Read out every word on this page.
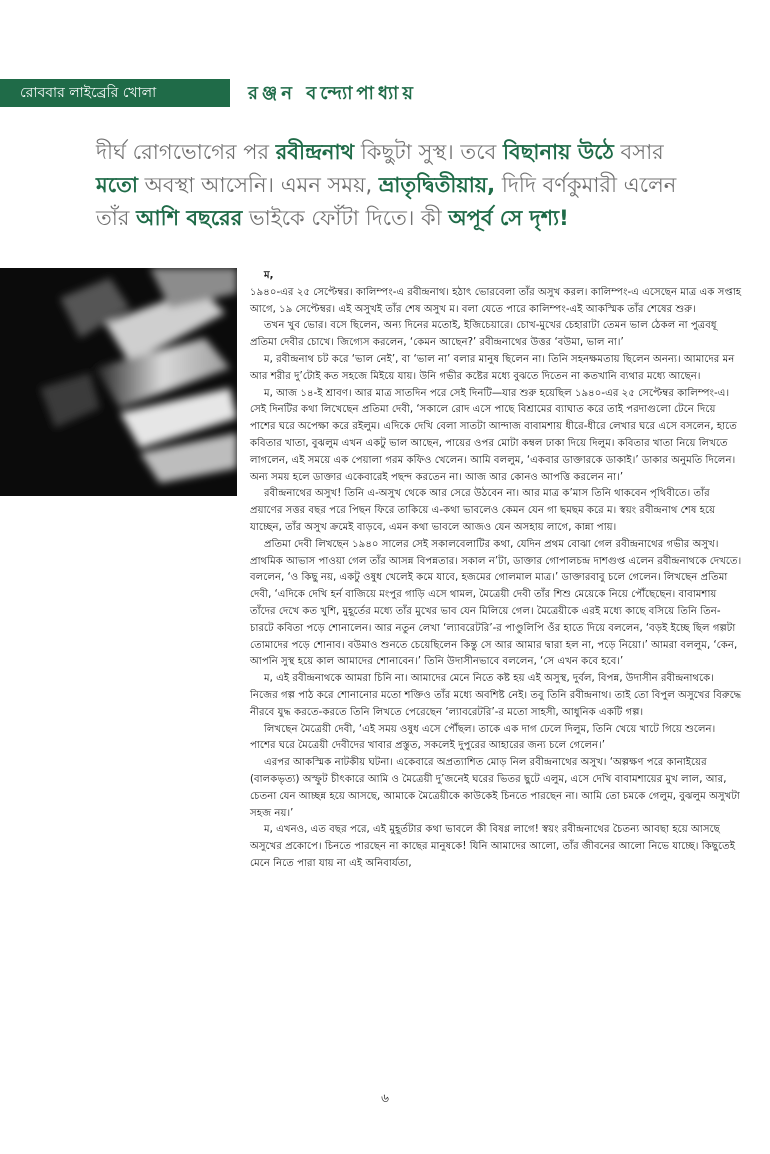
রোববার লাইব্রেরি খোলা	রঞ্জন বন্দ্যোপাধ্যায়
দীর্ঘ রোগভোগের পর রবীন্দ্রনাথ কিছুটা সুস্থ। তবে বিছানায় উঠে বসার মতো অবস্থা আসেনি। এমন সময়, ভ্রাতৃদ্বিতীয়ায়, দিদি বর্ণকুমারী এলেন তাঁর আশি বছরের ভাইকে ফোঁটা দিতে। কী অপূর্ব সে দৃশ্য!

ম,

১৯৪০-এর ২৫ সেপ্টেম্বর। কালিম্পং-এ রবীন্দ্রনাথ। হঠাৎ ভোরবেলা তাঁর অসুখ করল। কালিম্পং-এ এসেছেন মাত্র এক সপ্তাহ আগে, ১৯ সেপ্টেম্বর। এই অসুখই তাঁর শেষ অসুখ ম। বলা যেতে পারে কালিম্পং-এই আকস্মিক তাঁর শেষের শুরু।

তখন খুব ভোর। বসে ছিলেন, অন্য দিনের মতোই, ইজিচেয়ারে। চোখ-মুখের চেহারাটা তেমন ভাল ঠেকল না পুত্রবধূ প্রতিমা দেবীর চোখে। জিগ্যেস করলেন, ‘কেমন আছেন?’ রবীন্দ্রনাথের উত্তর ‘বউমা, ভাল না।’

ম, রবীন্দ্রনাথ চট করে ‘ভাল নেই’, বা ‘ভাল না’ বলার মানুষ ছিলেন না। তিনি সহনক্ষমতায় ছিলেন অনন্য। আমাদের মন আর শরীর দু’টোই কত সহজে মিইয়ে যায়। উনি গভীর কষ্টের মধ্যে বুঝতে দিতেন না কতখানি ব্যথার মধ্যে আছেন।

ম, আজ ১৪-ই শ্রাবণ। আর মাত্র সাতদিন পরে সেই দিনটি—যার শুরু হয়েছিল ১৯৪০-এর ২৫ সেপ্টেম্বর কালিম্পং-এ। সেই দিনটির কথা লিখেছেন প্রতিমা দেবী, ‘সকালে রোদ এসে পাছে বিশ্রামের ব্যাঘাত করে তাই পরদাগুলো টেনে দিয়ে পাশের ঘরে অপেক্ষা করে রইলুম। এদিকে দেখি বেলা সাতটা আন্দাজ বাবামশায় ধীরে-ধীরে লেখার ঘরে এসে বসলেন, হাতে কবিতার খাতা, বুঝলুম এখন একটু ভাল আছেন, পায়ের ওপর মোটা কম্বল ঢাকা দিয়ে দিলুম। কবিতার খাতা নিয়ে লিখতে লাগলেন, এই সময়ে এক পেয়ালা গরম কফিও খেলেন। আমি বললুম, ‘একবার ডাক্তারকে ডাকাই।’ ডাকার অনুমতি দিলেন। অন্য সময় হলে ডাক্তার একেবারেই পছন্দ করতেন না। আজ আর কোনও আপত্তি করলেন না।’

রবীন্দ্রনাথের অসুখ! তিনি এ-অসুখ থেকে আর সেরে উঠবেন না। আর মাত্র ক’মাস তিনি থাকবেন পৃথিবীতে। তাঁর প্রয়াণের সত্তর বছর পরে পিছন ফিরে তাকিয়ে এ-কথা ভাবলেও কেমন যেন গা ছমছম করে ম। স্বয়ং রবীন্দ্রনাথ শেষ হয়ে যাচ্ছেন, তাঁর অসুখ ক্রমেই বাড়বে, এমন কথা ভাবলে আজও যেন অসহায় লাগে, কান্না পায়।

প্রতিমা দেবী লিখছেন ১৯৪০ সালের সেই সকালবেলাটির কথা, যেদিন প্রথম বোঝা গেল রবীন্দ্রনাথের গভীর অসুখ। প্রাথমিক আভাস পাওয়া গেল তাঁর আসন্ন বিপন্নতার। সকাল ন’টা, ডাক্তার গোপালচন্দ্র দাশগুপ্ত এলেন রবীন্দ্রনাথকে দেখতে। বললেন, ‘ও কিছু নয়, একটু ওষুধ খেলেই কমে যাবে, হজমের গোলমাল মাত্র।’ ডাক্তারবাবু চলে গেলেন। লিখছেন প্রতিমা দেবী, ‘এদিকে দেখি হর্ন বাজিয়ে মংপুর গাড়ি এসে থামল, মৈত্রেয়ী দেবী তাঁর শিশু মেয়েকে নিয়ে পৌঁছেছেন। বাবামশায় তাঁদের দেখে কত খুশি, মুহূর্তের মধ্যে তাঁর মুখের ভাব যেন মিলিয়ে গেল। মৈত্রেয়ীকে এরই মধ্যে কাছে বসিয়ে তিনি তিন-চারটে কবিতা পড়ে শোনালেন। আর নতুন লেখা ‘ল্যাবরেটরি’-র পাণ্ডুলিপি ওঁর হাতে দিয়ে বললেন, ‘বড়ই ইচ্ছে ছিল গল্পটা তোমাদের পড়ে শোনাব। বউমাও শুনতে চেয়েছিলেন কিন্তু সে আর আমার দ্বারা হল না, পড়ে নিয়ো।’ আমরা বললুম, ‘কেন, আপনি সুস্থ হয়ে কাল আমাদের শোনাবেন।’ তিনি উদাসীনভাবে বললেন, ‘সে এখন কবে হবে।’

ম, এই রবীন্দ্রনাথকে আমরা চিনি না। আমাদের মেনে নিতে কষ্ট হয় এই অসুস্থ, দুর্বল, বিপন্ন, উদাসীন রবীন্দ্রনাথকে। নিজের গল্প পাঠ করে শোনানোর মতো শক্তিও তাঁর মধ্যে অবশিষ্ট নেই। তবু তিনি রবীন্দ্রনাথ। তাই তো বিপুল অসুখের বিরুদ্ধে নীরবে যুদ্ধ করতে-করতে তিনি লিখতে পেরেছেন ‘ল্যাবরেটরি’-র মতো সাহসী, আধুনিক একটি গল্প।

লিখছেন মৈত্রেয়ী দেবী, ‘এই সময় ওষুধ এসে পৌঁছল। তাকে এক দাগ ঢেলে দিলুম, তিনি খেয়ে খাটে গিয়ে শুলেন। পাশের ঘরে মৈত্রেয়ী দেবীদের খাবার প্রস্তুত, সকলেই দুপুরের আহারের জন্য চলে গেলেন।’

এরপর আকস্মিক নাটকীয় ঘটনা। একেবারে অপ্রত্যাশিত মোড় নিল রবীন্দ্রনাথের অসুখ। ‘অল্পক্ষণ পরে কানাইয়ের (বালকভৃত্য) অস্ফুট চীৎকারে আমি ও মৈত্রেয়ী দু’জনেই ঘরের ভিতর ছুটে এলুম, এসে দেখি বাবামশায়ের মুখ লাল, আর, চেতনা যেন আচ্ছন্ন হয়ে আসছে, আমাকে মৈত্রেয়ীকে কাউকেই চিনতে পারছেন না। আমি তো চমকে গেলুম, বুঝলুম অসুখটা সহজ নয়।’

ম, এখনও, এত বছর পরে, এই মুহূর্তটার কথা ভাবলে কী বিষণ্ণ লাগে! স্বয়ং রবীন্দ্রনাথের চৈতন্য আবছা হয়ে আসছে অসুখের প্রকোপে। চিনতে পারছেন না কাছের মানুষকে! যিনি আমাদের আলো, তাঁর জীবনের আলো নিভে যাচ্ছে। কিছুতেই মেনে নিতে পারা যায় না এই অনিবার্যতা,

৬
